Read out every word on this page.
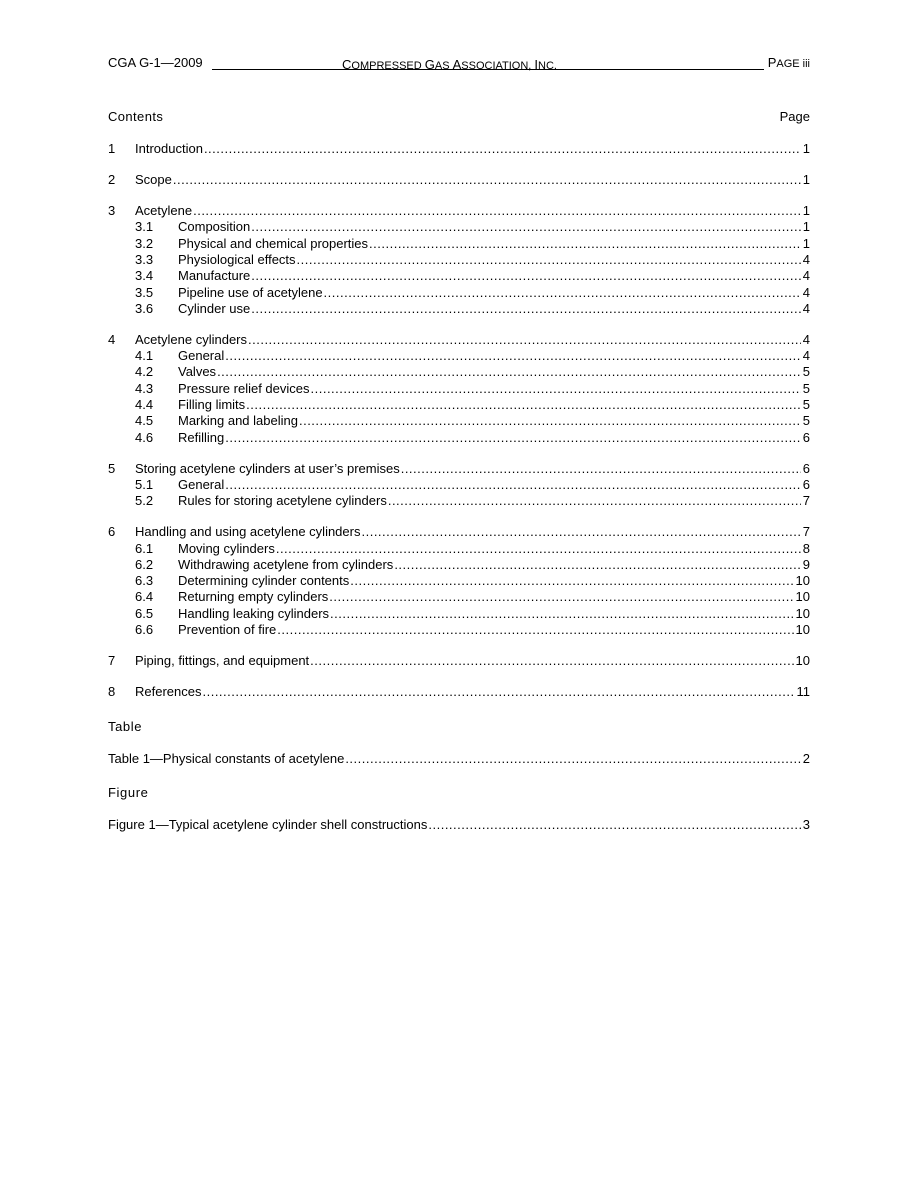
CGA G-1—2009	COMPRESSED GAS ASSOCIATION, INC.	PAGE iii
Contents	Page
1	Introduction .....	1
2	Scope .....	1
3	Acetylene .....	1
3.1	Composition .....	1
3.2	Physical and chemical properties .....	1
3.3	Physiological effects .....	4
3.4	Manufacture .....	4
3.5	Pipeline use of acetylene .....	4
3.6	Cylinder use .....	4
4	Acetylene cylinders .....	4
4.1	General .....	4
4.2	Valves .....	5
4.3	Pressure relief devices .....	5
4.4	Filling limits .....	5
4.5	Marking and labeling .....	5
4.6	Refilling .....	6
5	Storing acetylene cylinders at user’s premises .....	6
5.1	General .....	6
5.2	Rules for storing acetylene cylinders .....	7
6	Handling and using acetylene cylinders .....	7
6.1	Moving cylinders .....	8
6.2	Withdrawing acetylene from cylinders .....	9
6.3	Determining cylinder contents .....	10
6.4	Returning empty cylinders .....	10
6.5	Handling leaking cylinders .....	10
6.6	Prevention of fire .....	10
7	Piping, fittings, and equipment .....	10
8	References .....	11
Table
Table 1—Physical constants of acetylene .....	2
Figure
Figure 1—Typical acetylene cylinder shell constructions .....	3
